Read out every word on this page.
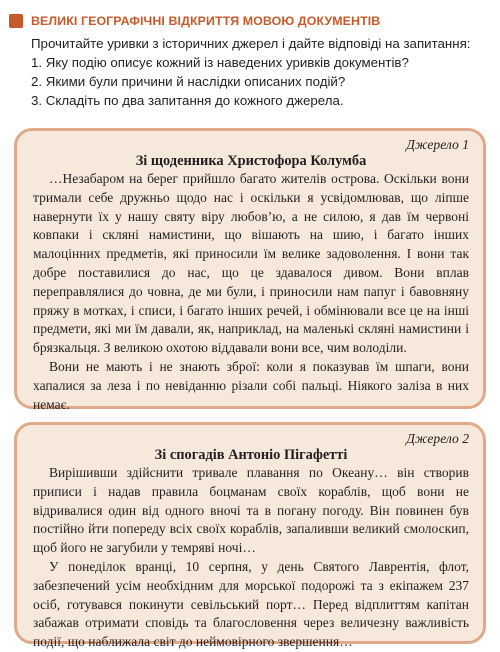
ВЕЛИКІ ГЕОГРАФІЧНІ ВІДКРИТТЯ МОВОЮ ДОКУМЕНТІВ
Прочитайте уривки з історичних джерел і дайте відповіді на запитання:
1. Яку подію описує кожний із наведених уривків документів?
2. Якими були причини й наслідки описаних подій?
3. Складіть по два запитання до кожного джерела.
Джерело 1
Зі щоденника Христофора Колумба

…Незабаром на берег прийшло багато жителів острова. Оскільки вони тримали себе дружньо щодо нас і оскільки я усвідомлював, що ліпше навернути їх у нашу святу віру любов’ю, а не силою, я дав їм червоні ковпаки і скляні намистини, що вішають на шию, і багато інших малоцінних предметів, які приносили їм велике задоволення. І вони так добре поставилися до нас, що це здавалося дивом. Вони вплав переправлялися до човна, де ми були, і приносили нам папуг і бавовняну пряжу в мотках, і списи, і багато інших речей, і обмінювали все це на інші предмети, які ми їм давали, як, наприклад, на маленькі скляні намистини і брязкальця. З великою охотою віддавали вони все, чим володіли.

Вони не мають і не знають зброї: коли я показував їм шпаги, вони хапалися за леза і по невіданню різали собі пальці. Ніякого заліза в них немає.

Джерело 2
Зі спогадів Антоніо Пігафетті

Вирішивши здійснити тривале плавання по Океану… він створив приписи і надав правила боцманам своїх кораблів, щоб вони не відривалися один від одного вночі та в погану погоду. Він повинен був постійно йти попереду всіх своїх кораблів, запаливши великий смолоскип, щоб його не загубили у темряві ночі…

У понеділок вранці, 10 серпня, у день Святого Лаврентія, флот, забезпечений усім необхідним для морської подорожі та з екіпажем 237 осіб, готувався покинути севільський порт… Перед відплиттям капітан забажав отримати сповідь та благословення через величезну важливість події, що наближала світ до неймовірного звершення…
